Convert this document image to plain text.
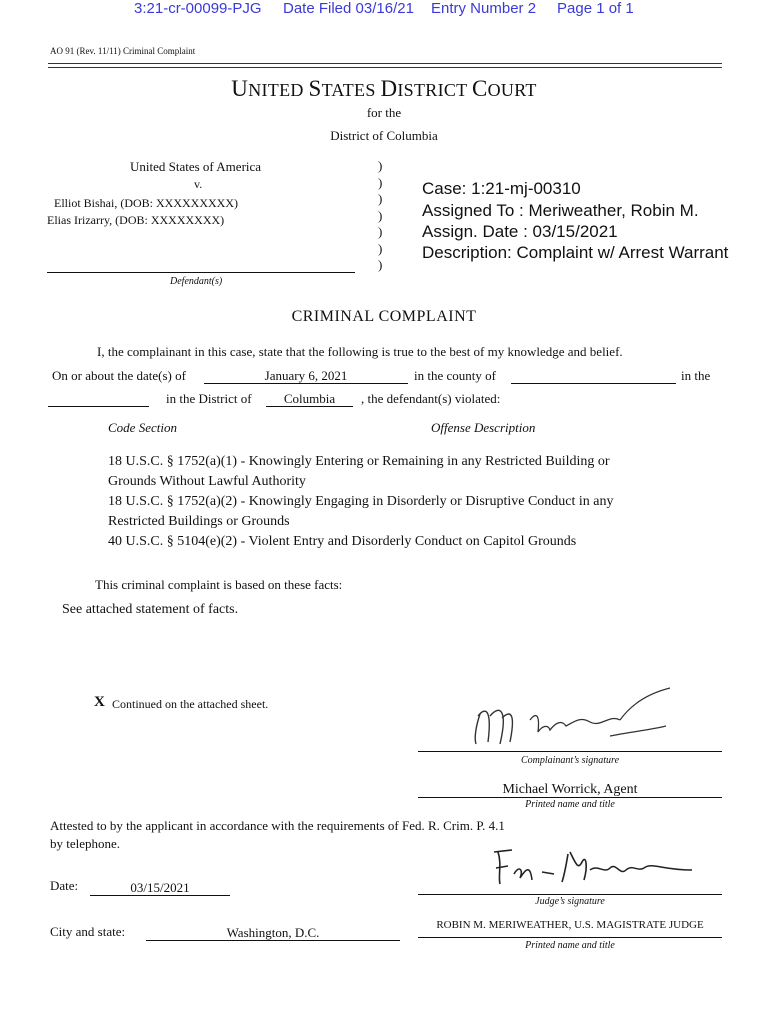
3:21-cr-00099-PJG Date Filed 03/16/21 Entry Number 2 Page 1 of 1
AO 91 (Rev. 11/11) Criminal Complaint
UNITED STATES DISTRICT COURT
for the
District of Columbia
United States of America
v.
Elliot Bishai, (DOB: XXXXXXXXX)
Elias Irizarry, (DOB: XXXXXXXX)
Defendant(s)
)
)
)
)
)
)
)
Case: 1:21-mj-00310
Assigned To : Meriweather, Robin M.
Assign. Date : 03/15/2021
Description: Complaint w/ Arrest Warrant
CRIMINAL COMPLAINT
I, the complainant in this case, state that the following is true to the best of my knowledge and belief.
On or about the date(s) of	January 6, 2021	in the county of	in the
in the District of	Columbia	, the defendant(s) violated:
Code Section	Offense Description
18 U.S.C. § 1752(a)(1) - Knowingly Entering or Remaining in any Restricted Building or
Grounds Without Lawful Authority
18 U.S.C. § 1752(a)(2) - Knowingly Engaging in Disorderly or Disruptive Conduct in any
Restricted Buildings or Grounds
40 U.S.C. § 5104(e)(2) - Violent Entry and Disorderly Conduct on Capitol Grounds
This criminal complaint is based on these facts:
See attached statement of facts.
X Continued on the attached sheet.
Complainant’s signature
Michael Worrick, Agent
Printed name and title
Attested to by the applicant in accordance with the requirements of Fed. R. Crim. P. 4.1
by telephone.
Judge’s signature
Date:	03/15/2021
City and state:	Washington, D.C.	ROBIN M. MERIWEATHER, U.S. MAGISTRATE JUDGE
Printed name and title
